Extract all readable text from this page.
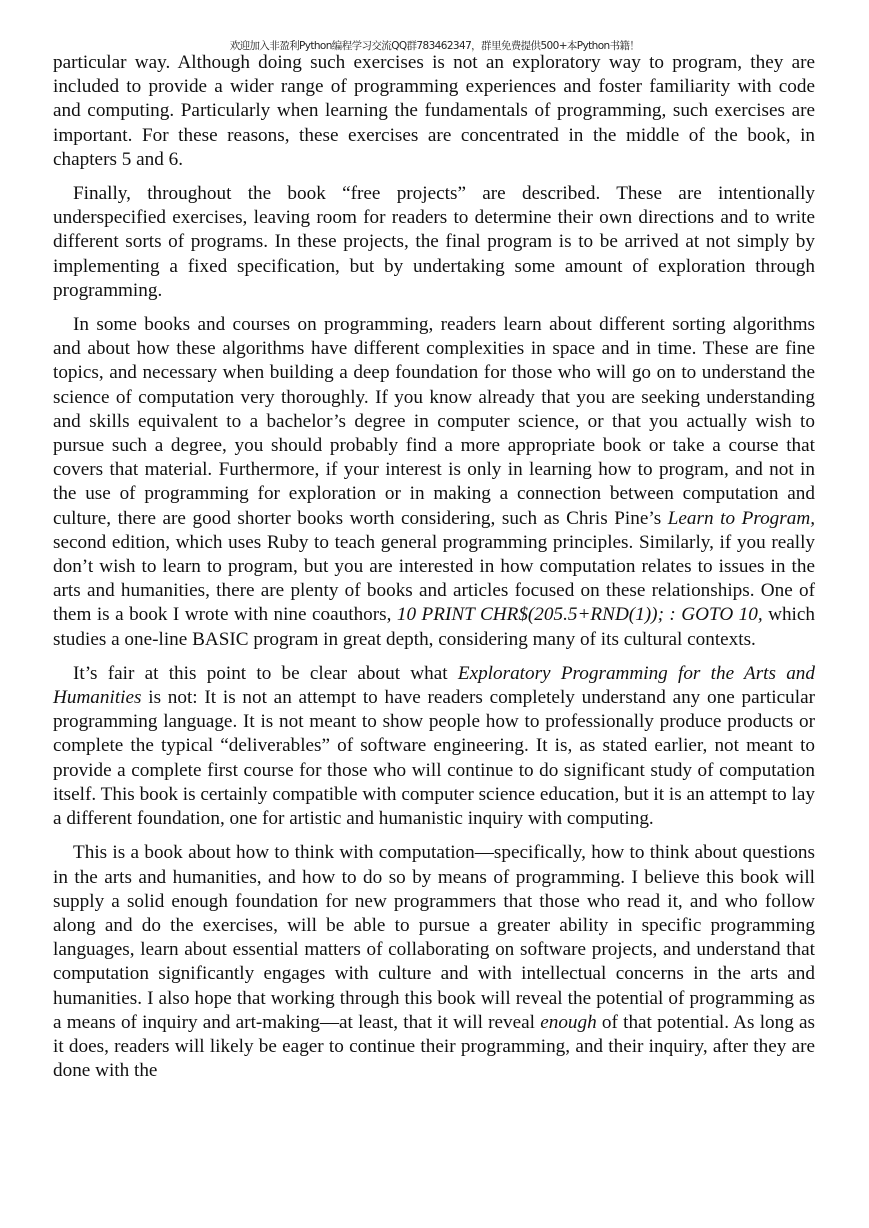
欢迎加入非盈利Python编程学习交流QQ群783462347，群里免费提供500+本Python书籍！

particular way. Although doing such exercises is not an exploratory way to program, they are included to provide a wider range of programming experiences and foster familiarity with code and computing. Particularly when learning the fundamentals of programming, such exercises are important. For these reasons, these exercises are concentrated in the middle of the book, in chapters 5 and 6.

Finally, throughout the book “free projects” are described. These are intentionally underspecified exercises, leaving room for readers to determine their own directions and to write different sorts of programs. In these projects, the final program is to be arrived at not simply by implementing a fixed specification, but by undertaking some amount of exploration through programming.

In some books and courses on programming, readers learn about different sorting algorithms and about how these algorithms have different complexities in space and in time. These are fine topics, and necessary when building a deep foundation for those who will go on to understand the science of computation very thoroughly. If you know already that you are seeking understanding and skills equivalent to a bachelor’s degree in computer science, or that you actually wish to pursue such a degree, you should probably find a more appropriate book or take a course that covers that material. Furthermore, if your interest is only in learning how to program, and not in the use of programming for exploration or in making a connection between computation and culture, there are good shorter books worth considering, such as Chris Pine’s Learn to Program, second edition, which uses Ruby to teach general programming principles. Similarly, if you really don’t wish to learn to program, but you are interested in how computation relates to issues in the arts and humanities, there are plenty of books and articles focused on these relationships. One of them is a book I wrote with nine coauthors, 10 PRINT CHR$(205.5+RND(1)); : GOTO 10, which studies a one-line BASIC program in great depth, considering many of its cultural contexts.

It’s fair at this point to be clear about what Exploratory Programming for the Arts and Humanities is not: It is not an attempt to have readers completely understand any one particular programming language. It is not meant to show people how to professionally produce products or complete the typical “deliverables” of software engineering. It is, as stated earlier, not meant to provide a complete first course for those who will continue to do significant study of computation itself. This book is certainly compatible with computer science education, but it is an attempt to lay a different foundation, one for artistic and humanistic inquiry with computing.

This is a book about how to think with computation—specifically, how to think about questions in the arts and humanities, and how to do so by means of programming. I believe this book will supply a solid enough foundation for new programmers that those who read it, and who follow along and do the exercises, will be able to pursue a greater ability in specific programming languages, learn about essential matters of collaborating on software projects, and understand that computation significantly engages with culture and with intellectual concerns in the arts and humanities. I also hope that working through this book will reveal the potential of programming as a means of inquiry and art-making—at least, that it will reveal enough of that potential. As long as it does, readers will likely be eager to continue their programming, and their inquiry, after they are done with the
